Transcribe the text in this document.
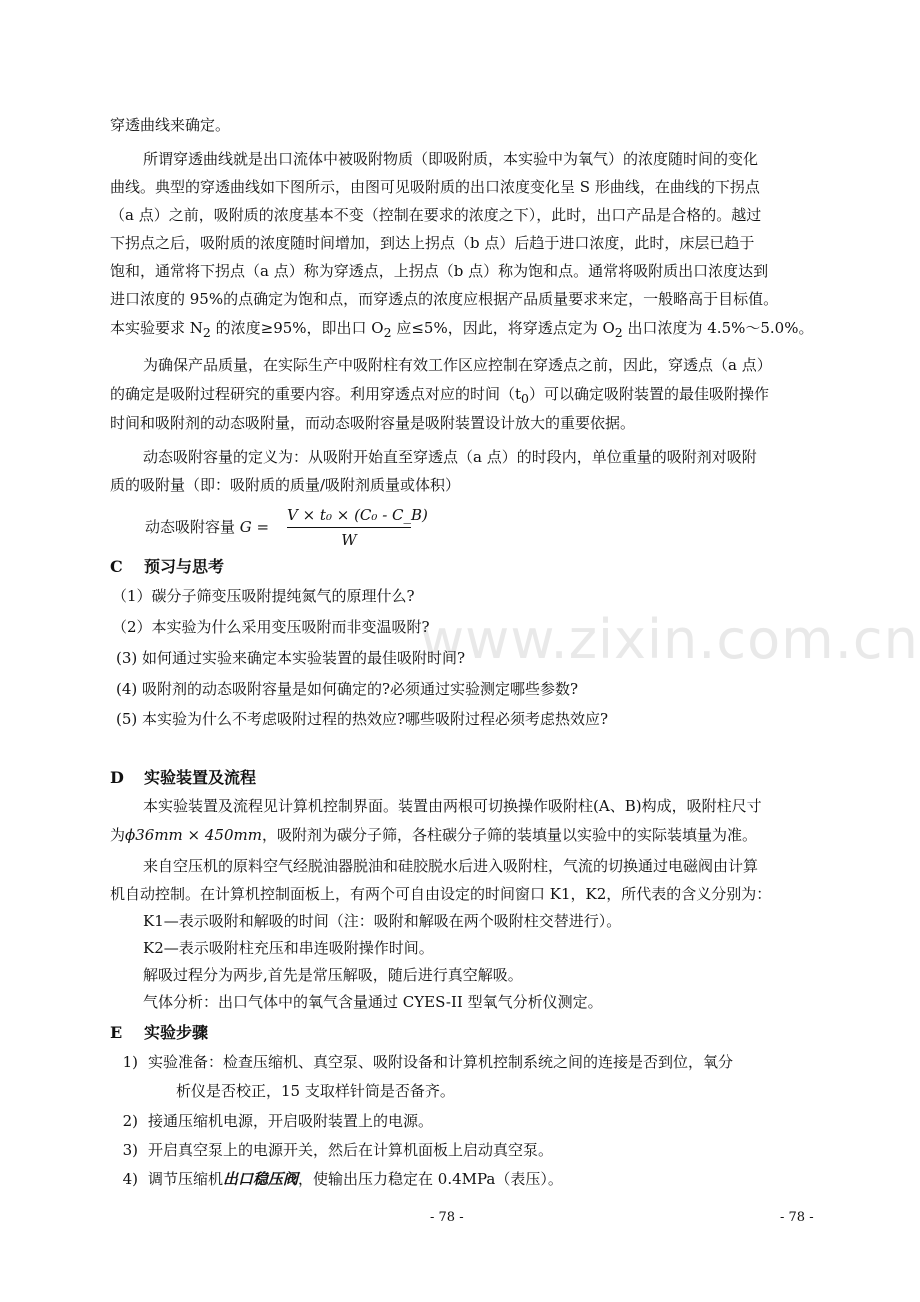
www.zixin.com.cn
穿透曲线来确定。
所谓穿透曲线就是出口流体中被吸附物质（即吸附质，本实验中为氧气）的浓度随时间的变化
曲线。典型的穿透曲线如下图所示，由图可见吸附质的出口浓度变化呈 S 形曲线，在曲线的下拐点
（a 点）之前，吸附质的浓度基本不变（控制在要求的浓度之下），此时，出口产品是合格的。越过
下拐点之后，吸附质的浓度随时间增加，到达上拐点（b 点）后趋于进口浓度，此时，床层已趋于
饱和，通常将下拐点（a 点）称为穿透点，上拐点（b 点）称为饱和点。通常将吸附质出口浓度达到
进口浓度的 95%的点确定为饱和点，而穿透点的浓度应根据产品质量要求来定，一般略高于目标值。
本实验要求 $N_2$ 的浓度≥95%，即出口 $O_2$ 应≤5%，因此，将穿透点定为 $O_2$ 出口浓度为 4.5%～5.0%。
为确保产品质量，在实际生产中吸附柱有效工作区应控制在穿透点之前，因此，穿透点（a 点）
的确定是吸附过程研究的重要内容。利用穿透点对应的时间$(t_0)$可以确定吸附装置的最佳吸附操作
时间和吸附剂的动态吸附量，而动态吸附容量是吸附装置设计放大的重要依据。
动态吸附容量的定义为：从吸附开始直至穿透点（a 点）的时段内，单位重量的吸附剂对吸附
质的吸附量（即：吸附质的质量/吸附剂质量或体积）
动态吸附容量 G =
V × t₀ × (C₀ - C_B)
W
C 预习与思考
（1）碳分子筛变压吸附提纯氮气的原理什么?
（2）本实验为什么采用变压吸附而非变温吸附?
(3) 如何通过实验来确定本实验装置的最佳吸附时间?
(4) 吸附剂的动态吸附容量是如何确定的?必须通过实验测定哪些参数?
(5) 本实验为什么不考虑吸附过程的热效应?哪些吸附过程必须考虑热效应?
D 实验装置及流程
本实验装置及流程见计算机控制界面。装置由两根可切换操作吸附柱(A、B)构成，吸附柱尺寸
为ϕ36mm × 450mm，吸附剂为碳分子筛，各柱碳分子筛的装填量以实验中的实际装填量为准。
来自空压机的原料空气经脱油器脱油和硅胶脱水后进入吸附柱，气流的切换通过电磁阀由计算
机自动控制。在计算机控制面板上，有两个可自由设定的时间窗口 K1，K2，所代表的含义分别为：
K1—表示吸附和解吸的时间（注：吸附和解吸在两个吸附柱交替进行）。
K2—表示吸附柱充压和串连吸附操作时间。
解吸过程分为两步,首先是常压解吸，随后进行真空解吸。
气体分析：出口气体中的氧气含量通过 CYES-II 型氧气分析仪测定。
E 实验步骤
1) 实验准备：检查压缩机、真空泵、吸附设备和计算机控制系统之间的连接是否到位，氧分
析仪是否校正，15 支取样针筒是否备齐。
2) 接通压缩机电源，开启吸附装置上的电源。
3) 开启真空泵上的电源开关，然后在计算机面板上启动真空泵。
4) 调节压缩机出口稳压阀，使输出压力稳定在 0.4MPa（表压）。
- 78 -	- 78 -
